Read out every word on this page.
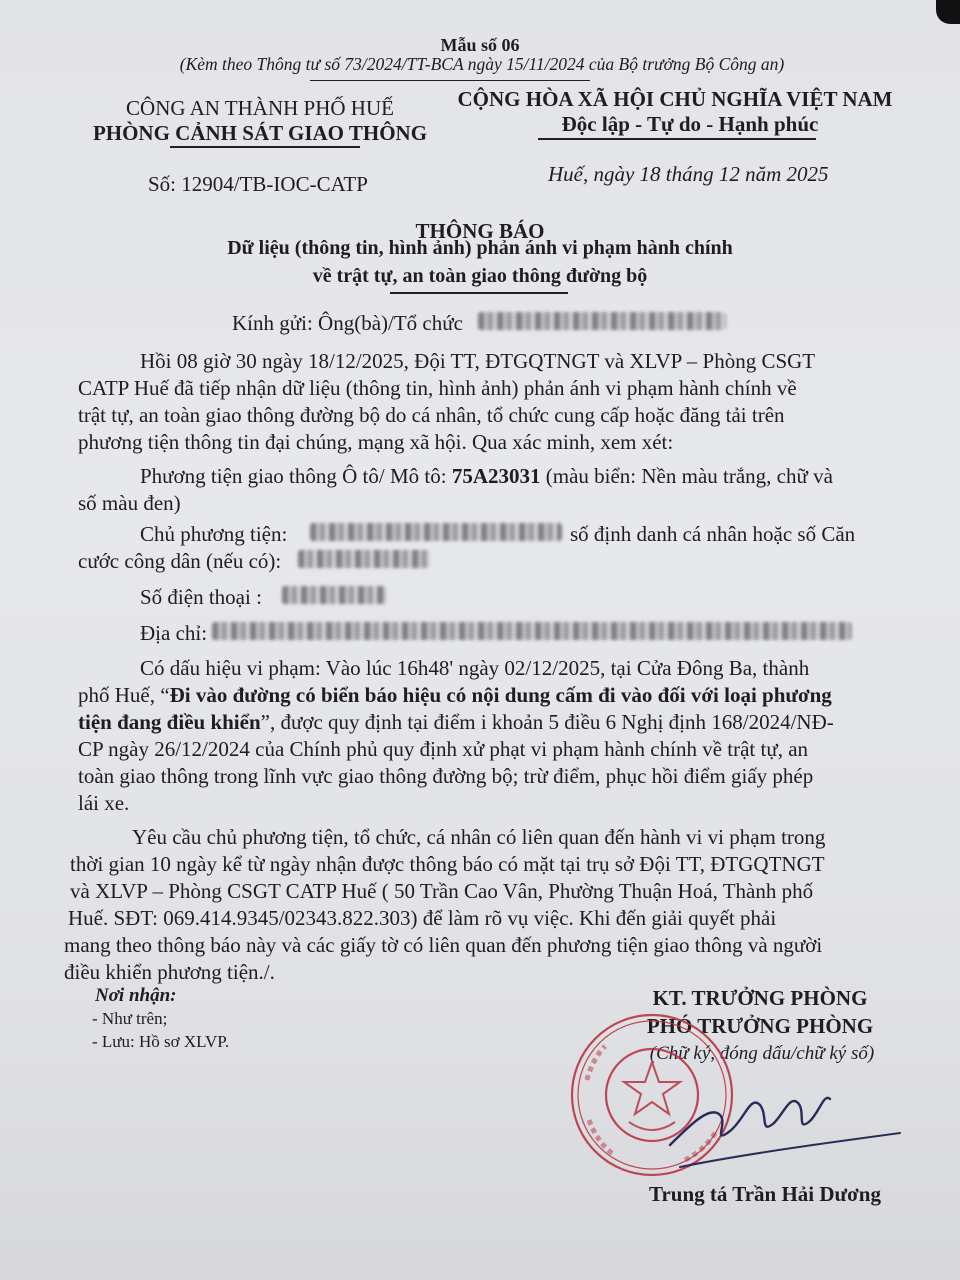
Mẫu số 06
(Kèm theo Thông tư số 73/2024/TT-BCA ngày 15/11/2024 của Bộ trưởng Bộ Công an)
CÔNG AN THÀNH PHỐ HUẾ
PHÒNG CẢNH SÁT GIAO THÔNG
CỘNG HÒA XÃ HỘI CHỦ NGHĨA VIỆT NAM
Độc lập - Tự do - Hạnh phúc
Số: 12904/TB-IOC-CATP	Huế, ngày 18 tháng 12 năm 2025
THÔNG BÁO
Dữ liệu (thông tin, hình ảnh) phản ánh vi phạm hành chính
về trật tự, an toàn giao thông đường bộ
Kính gửi: Ông(bà)/Tổ chức
Hồi 08 giờ 30 ngày 18/12/2025, Đội TT, ĐTGQTNGT và XLVP – Phòng CSGT
CATP Huế đã tiếp nhận dữ liệu (thông tin, hình ảnh) phản ánh vi phạm hành chính về
trật tự, an toàn giao thông đường bộ do cá nhân, tổ chức cung cấp hoặc đăng tải trên
phương tiện thông tin đại chúng, mạng xã hội. Qua xác minh, xem xét:
Phương tiện giao thông Ô tô/ Mô tô: 75A23031 (màu biển: Nền màu trắng, chữ và
số màu đen)
Chủ phương tiện:	số định danh cá nhân hoặc số Căn
cước công dân (nếu có):
Số điện thoại :
Địa chỉ:
Có dấu hiệu vi phạm: Vào lúc 16h48' ngày 02/12/2025, tại Cửa Đông Ba, thành
phố Huế, “Đi vào đường có biển báo hiệu có nội dung cấm đi vào đối với loại phương
tiện đang điều khiển”, được quy định tại điểm i khoản 5 điều 6 Nghị định 168/2024/NĐ-
CP ngày 26/12/2024 của Chính phủ quy định xử phạt vi phạm hành chính về trật tự, an
toàn giao thông trong lĩnh vực giao thông đường bộ; trừ điểm, phục hồi điểm giấy phép
lái xe.
Yêu cầu chủ phương tiện, tổ chức, cá nhân có liên quan đến hành vi vi phạm trong
thời gian 10 ngày kể từ ngày nhận được thông báo có mặt tại trụ sở Đội TT, ĐTGQTNGT
và XLVP – Phòng CSGT CATP Huế ( 50 Trần Cao Vân, Phường Thuận Hoá, Thành phố
Huế. SĐT: 069.414.9345/02343.822.303) để làm rõ vụ việc. Khi đến giải quyết phải
mang theo thông báo này và các giấy tờ có liên quan đến phương tiện giao thông và người
điều khiển phương tiện./.
Nơi nhận:
- Như trên;
- Lưu: Hồ sơ XLVP.
KT. TRƯỞNG PHÒNG
PHÓ TRƯỞNG PHÒNG
(Chữ ký, đóng dấu/chữ ký số)
Trung tá Trần Hải Dương
